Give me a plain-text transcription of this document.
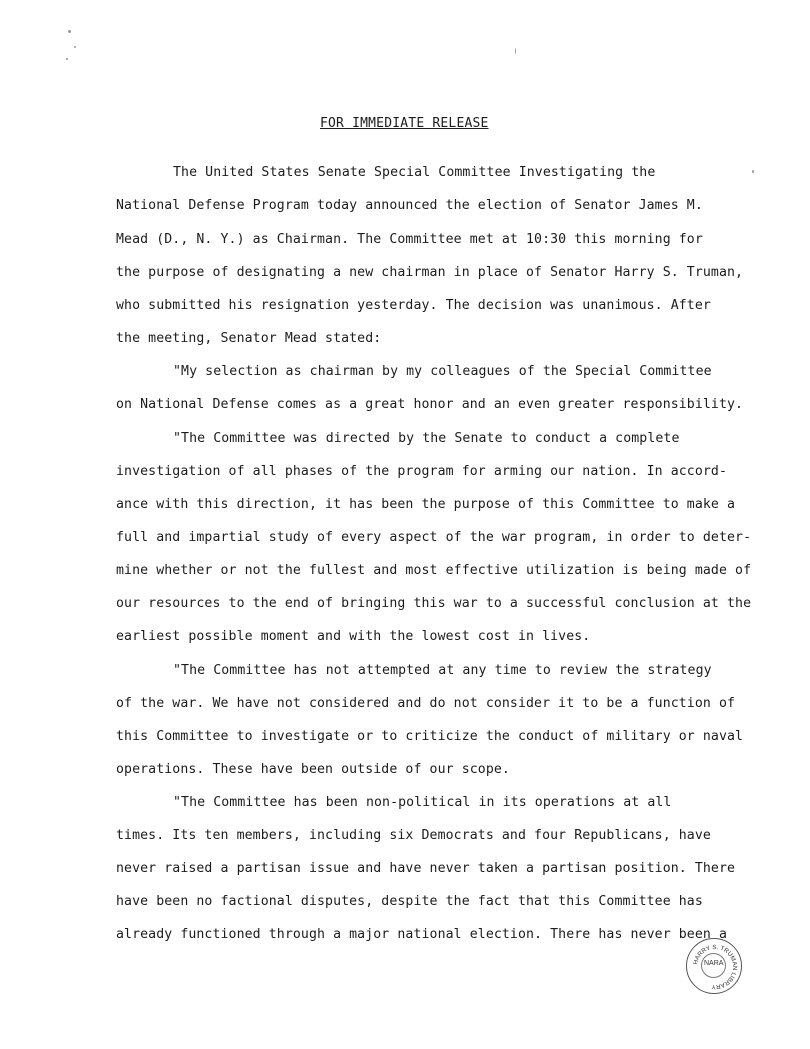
FOR IMMEDIATE RELEASE
The United States Senate Special Committee Investigating the
National Defense Program today announced the election of Senator James M.
Mead (D., N. Y.) as Chairman. The Committee met at 10:30 this morning for
the purpose of designating a new chairman in place of Senator Harry S. Truman,
who submitted his resignation yesterday. The decision was unanimous. After
the meeting, Senator Mead stated:
"My selection as chairman by my colleagues of the Special Committee
on National Defense comes as a great honor and an even greater responsibility.
"The Committee was directed by the Senate to conduct a complete
investigation of all phases of the program for arming our nation. In accord-
ance with this direction, it has been the purpose of this Committee to make a
full and impartial study of every aspect of the war program, in order to deter-
mine whether or not the fullest and most effective utilization is being made of
our resources to the end of bringing this war to a successful conclusion at the
earliest possible moment and with the lowest cost in lives.
"The Committee has not attempted at any time to review the strategy
of the war. We have not considered and do not consider it to be a function of
this Committee to investigate or to criticize the conduct of military or naval
operations. These have been outside of our scope.
"The Committee has been non-political in its operations at all
times. Its ten members, including six Democrats and four Republicans, have
never raised a partisan issue and have never taken a partisan position. There
have been no factional disputes, despite the fact that this Committee has
already functioned through a major national election. There has never been a
HARRY S. TRUMAN LIBRARY
NARA
